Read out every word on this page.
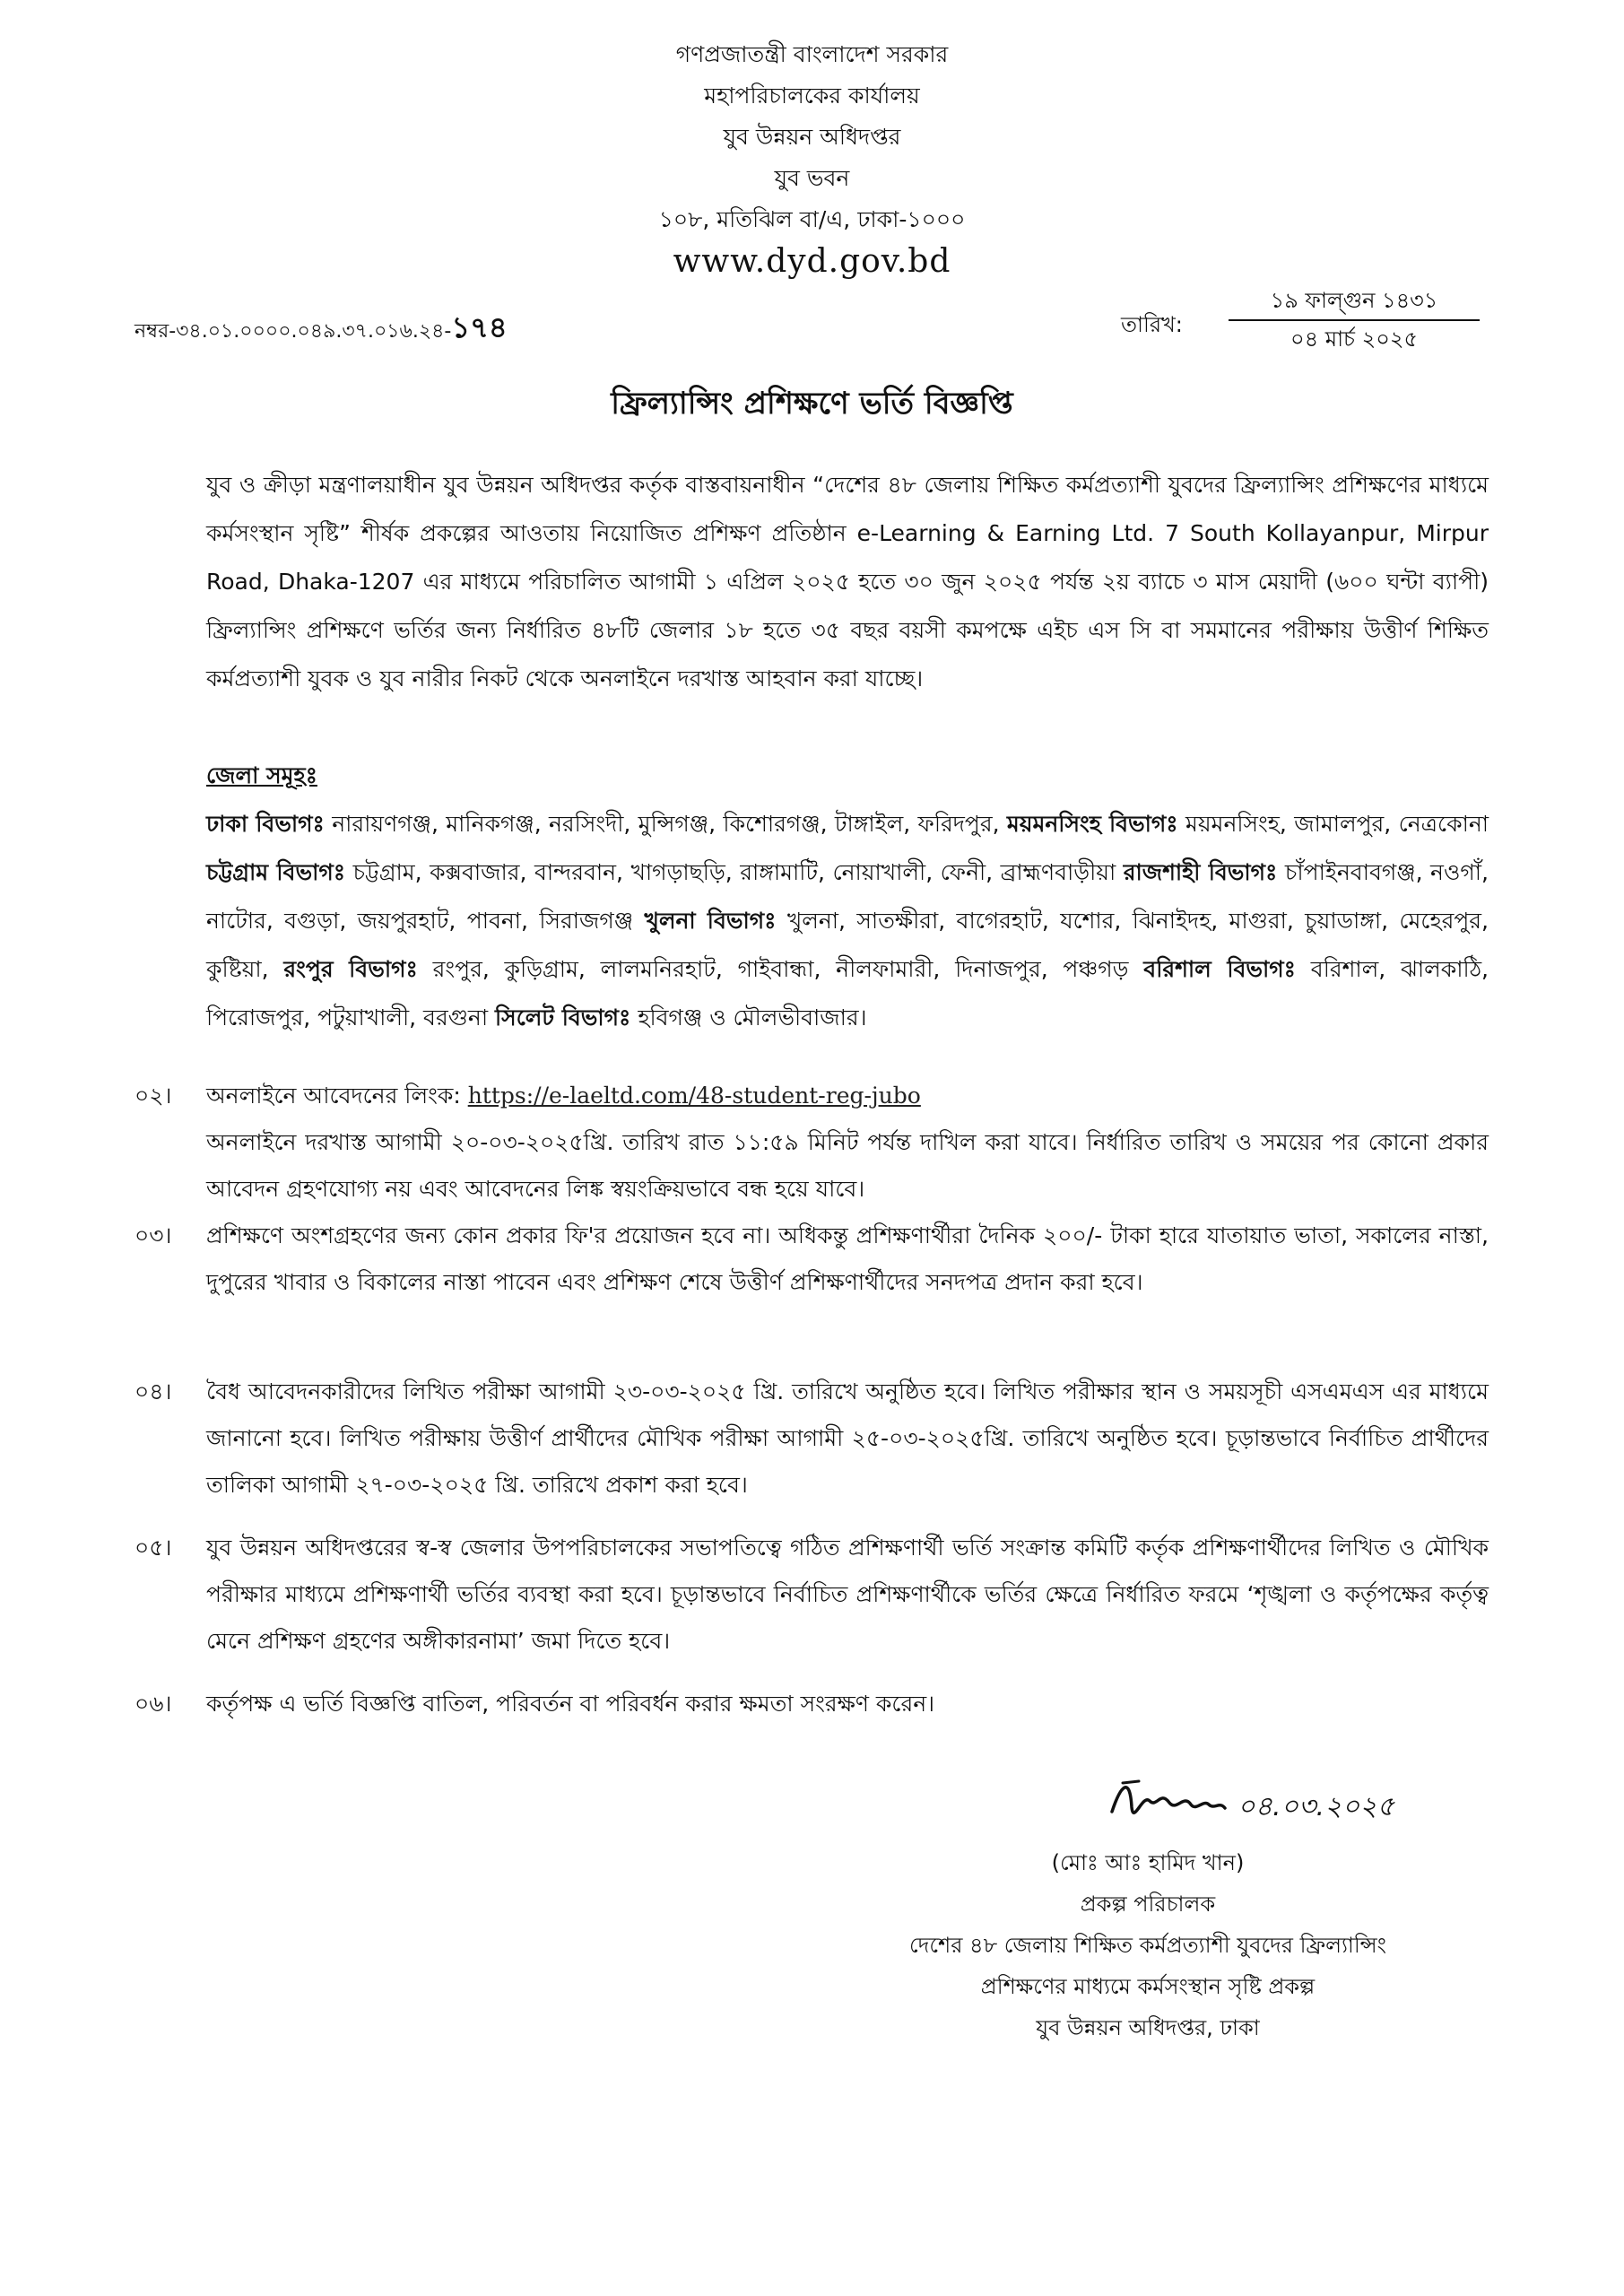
গণপ্রজাতন্ত্রী বাংলাদেশ সরকার
মহাপরিচালকের কার্যালয়
যুব উন্নয়ন অধিদপ্তর
যুব ভবন
১০৮, মতিঝিল বা/এ, ঢাকা-১০০০
www.dyd.gov.bd
নম্বর-৩৪.০১.০০০০.০৪৯.৩৭.০১৬.২৪-১৭৪	তারিখ:
১৯ ফাল্গুন ১৪৩১
০৪ মার্চ ২০২৫
ফ্রিল্যান্সিং প্রশিক্ষণে ভর্তি বিজ্ঞপ্তি
যুব ও ক্রীড়া মন্ত্রণালয়াধীন যুব উন্নয়ন অধিদপ্তর কর্তৃক বাস্তবায়নাধীন “দেশের ৪৮ জেলায় শিক্ষিত কর্মপ্রত্যাশী যুবদের ফ্রিল্যান্সিং প্রশিক্ষণের মাধ্যমে কর্মসংস্থান সৃষ্টি” শীর্ষক প্রকল্পের আওতায় নিয়োজিত প্রশিক্ষণ প্রতিষ্ঠান e-Learning & Earning Ltd. 7 South Kollayanpur, Mirpur Road, Dhaka-1207 এর মাধ্যমে পরিচালিত আগামী ১ এপ্রিল ২০২৫ হতে ৩০ জুন ২০২৫ পর্যন্ত ২য় ব্যাচে ৩ মাস মেয়াদী (৬০০ ঘন্টা ব্যাপী) ফ্রিল্যান্সিং প্রশিক্ষণে ভর্তির জন্য নির্ধারিত ৪৮টি জেলার ১৮ হতে ৩৫ বছর বয়সী কমপক্ষে এইচ এস সি বা সমমানের পরীক্ষায় উত্তীর্ণ শিক্ষিত কর্মপ্রত্যাশী যুবক ও যুব নারীর নিকট থেকে অনলাইনে দরখাস্ত আহবান করা যাচ্ছে।
জেলা সমূহঃ
ঢাকা বিভাগঃ নারায়ণগঞ্জ, মানিকগঞ্জ, নরসিংদী, মুন্সিগঞ্জ, কিশোরগঞ্জ, টাঙ্গাইল, ফরিদপুর, ময়মনসিংহ বিভাগঃ ময়মনসিংহ, জামালপুর, নেত্রকোনা চট্টগ্রাম বিভাগঃ চট্টগ্রাম, কক্সবাজার, বান্দরবান, খাগড়াছড়ি, রাঙ্গামাটি, নোয়াখালী, ফেনী, ব্রাহ্মণবাড়ীয়া রাজশাহী বিভাগঃ চাঁপাইনবাবগঞ্জ, নওগাঁ, নাটোর, বগুড়া, জয়পুরহাট, পাবনা, সিরাজগঞ্জ খুলনা বিভাগঃ খুলনা, সাতক্ষীরা, বাগেরহাট, যশোর, ঝিনাইদহ, মাগুরা, চুয়াডাঙ্গা, মেহেরপুর, কুষ্টিয়া, রংপুর বিভাগঃ রংপুর, কুড়িগ্রাম, লালমনিরহাট, গাইবান্ধা, নীলফামারী, দিনাজপুর, পঞ্চগড় বরিশাল বিভাগঃ বরিশাল, ঝালকাঠি, পিরোজপুর, পটুয়াখালী, বরগুনা সিলেট বিভাগঃ হবিগঞ্জ ও মৌলভীবাজার।
০২।	অনলাইনে আবেদনের লিংক: https://e-laeltd.com/48-student-reg-jubo
অনলাইনে দরখাস্ত আগামী ২০-০৩-২০২৫খ্রি. তারিখ রাত ১১:৫৯ মিনিট পর্যন্ত দাখিল করা যাবে। নির্ধারিত তারিখ ও সময়ের পর কোনো প্রকার আবেদন গ্রহণযোগ্য নয় এবং আবেদনের লিঙ্ক স্বয়ংক্রিয়ভাবে বন্ধ হয়ে যাবে।
০৩।	প্রশিক্ষণে অংশগ্রহণের জন্য কোন প্রকার ফি'র প্রয়োজন হবে না। অধিকন্তু প্রশিক্ষণার্থীরা দৈনিক ২০০/- টাকা হারে যাতায়াত ভাতা, সকালের নাস্তা, দুপুরের খাবার ও বিকালের নাস্তা পাবেন এবং প্রশিক্ষণ শেষে উত্তীর্ণ প্রশিক্ষণার্থীদের সনদপত্র প্রদান করা হবে।
০৪।	বৈধ আবেদনকারীদের লিখিত পরীক্ষা আগামী ২৩-০৩-২০২৫ খ্রি. তারিখে অনুষ্ঠিত হবে। লিখিত পরীক্ষার স্থান ও সময়সূচী এসএমএস এর মাধ্যমে জানানো হবে। লিখিত পরীক্ষায় উত্তীর্ণ প্রার্থীদের মৌখিক পরীক্ষা আগামী ২৫-০৩-২০২৫খ্রি. তারিখে অনুষ্ঠিত হবে। চূড়ান্তভাবে নির্বাচিত প্রার্থীদের তালিকা আগামী ২৭-০৩-২০২৫ খ্রি. তারিখে প্রকাশ করা হবে।
০৫।	যুব উন্নয়ন অধিদপ্তরের স্ব-স্ব জেলার উপপরিচালকের সভাপতিত্বে গঠিত প্রশিক্ষণার্থী ভর্তি সংক্রান্ত কমিটি কর্তৃক প্রশিক্ষণার্থীদের লিখিত ও মৌখিক পরীক্ষার মাধ্যমে প্রশিক্ষণার্থী ভর্তির ব্যবস্থা করা হবে। চূড়ান্তভাবে নির্বাচিত প্রশিক্ষণার্থীকে ভর্তির ক্ষেত্রে নির্ধারিত ফরমে ‘শৃঙ্খলা ও কর্তৃপক্ষের কর্তৃত্ব মেনে প্রশিক্ষণ গ্রহণের অঙ্গীকারনামা’ জমা দিতে হবে।
০৬।	কর্তৃপক্ষ এ ভর্তি বিজ্ঞপ্তি বাতিল, পরিবর্তন বা পরিবর্ধন করার ক্ষমতা সংরক্ষণ করেন।
০৪.০৩.২০২৫
(মোঃ আঃ হামিদ খান)
প্রকল্প পরিচালক
দেশের ৪৮ জেলায় শিক্ষিত কর্মপ্রত্যাশী যুবদের ফ্রিল্যান্সিং
প্রশিক্ষণের মাধ্যমে কর্মসংস্থান সৃষ্টি প্রকল্প
যুব উন্নয়ন অধিদপ্তর, ঢাকা
